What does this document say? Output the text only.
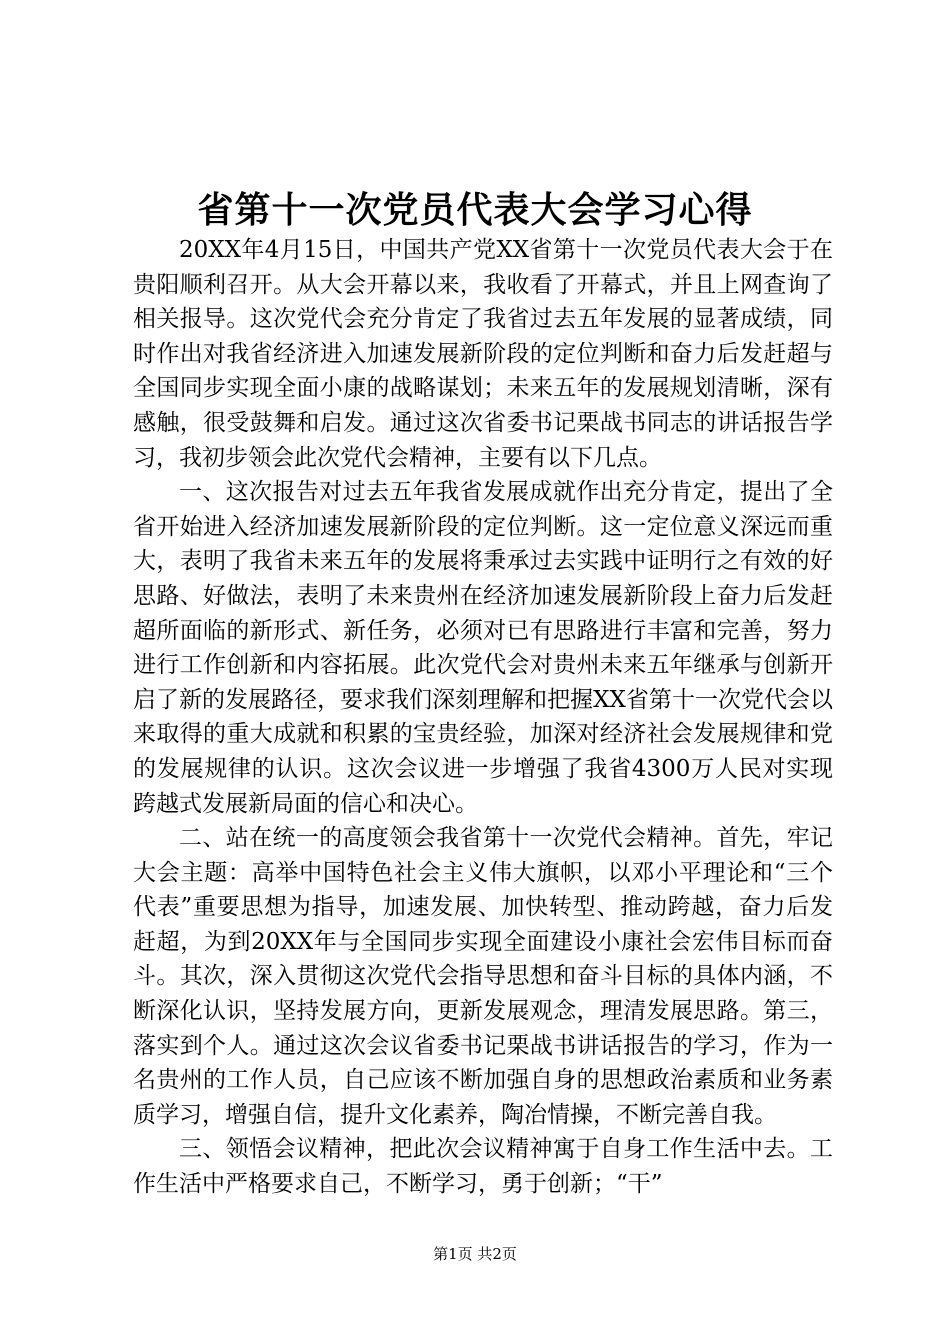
省第十一次党员代表大会学习心得

20XX年4月15日，中国共产党XX省第十一次党员代表大会于在贵阳顺利召开。从大会开幕以来，我收看了开幕式，并且上网查询了相关报导。这次党代会充分肯定了我省过去五年发展的显著成绩，同时作出对我省经济进入加速发展新阶段的定位判断和奋力后发赶超与全国同步实现全面小康的战略谋划；未来五年的发展规划清晰，深有感触，很受鼓舞和启发。通过这次省委书记栗战书同志的讲话报告学习，我初步领会此次党代会精神，主要有以下几点。

一、这次报告对过去五年我省发展成就作出充分肯定，提出了全省开始进入经济加速发展新阶段的定位判断。这一定位意义深远而重大，表明了我省未来五年的发展将秉承过去实践中证明行之有效的好思路、好做法，表明了未来贵州在经济加速发展新阶段上奋力后发赶超所面临的新形式、新任务，必须对已有思路进行丰富和完善，努力进行工作创新和内容拓展。此次党代会对贵州未来五年继承与创新开启了新的发展路径，要求我们深刻理解和把握XX省第十一次党代会以来取得的重大成就和积累的宝贵经验，加深对经济社会发展规律和党的发展规律的认识。这次会议进一步增强了我省4300万人民对实现跨越式发展新局面的信心和决心。

二、站在统一的高度领会我省第十一次党代会精神。首先，牢记大会主题：高举中国特色社会主义伟大旗帜，以邓小平理论和“三个代表”重要思想为指导，加速发展、加快转型、推动跨越，奋力后发赶超，为到20XX年与全国同步实现全面建设小康社会宏伟目标而奋斗。其次，深入贯彻这次党代会指导思想和奋斗目标的具体内涵，不断深化认识，坚持发展方向，更新发展观念，理清发展思路。第三，落实到个人。通过这次会议省委书记栗战书讲话报告的学习，作为一名贵州的工作人员，自己应该不断加强自身的思想政治素质和业务素质学习，增强自信，提升文化素养，陶冶情操，不断完善自我。

三、领悟会议精神，把此次会议精神寓于自身工作生活中去。工作生活中严格要求自己，不断学习，勇于创新；“干”

第1页 共2页
